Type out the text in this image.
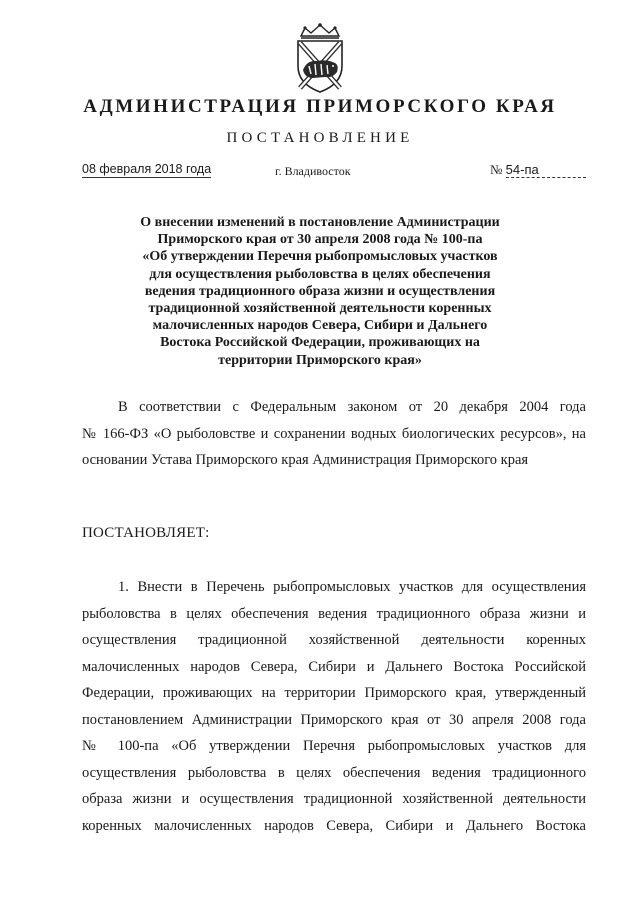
АДМИНИСТРАЦИЯ ПРИМОРСКОГО КРАЯ
ПОСТАНОВЛЕНИЕ
08 февраля 2018 года	г. Владивосток	№ 54-па
О внесении изменений в постановление Администрации
Приморского края от 30 апреля 2008 года № 100-па
«Об утверждении Перечня рыбопромысловых участков
для осуществления рыболовства в целях обеспечения
ведения традиционного образа жизни и осуществления
традиционной хозяйственной деятельности коренных
малочисленных народов Севера, Сибири и Дальнего
Востока Российской Федерации, проживающих на
территории Приморского края»
В соответствии с Федеральным законом от 20 декабря 2004 года
№ 166-ФЗ «О рыболовстве и сохранении водных биологических ресурсов», на
основании Устава Приморского края Администрация Приморского края
ПОСТАНОВЛЯЕТ:
1. Внести в Перечень рыбопромысловых участков для осуществления
рыболовства в целях обеспечения ведения традиционного образа жизни и
осуществления традиционной хозяйственной деятельности коренных
малочисленных народов Севера, Сибири и Дальнего Востока Российской
Федерации, проживающих на территории Приморского края, утвержденный
постановлением Администрации Приморского края от 30 апреля 2008 года
№ 100-па «Об утверждении Перечня рыбопромысловых участков для
осуществления рыболовства в целях обеспечения ведения традиционного
образа жизни и осуществления традиционной хозяйственной деятельности
коренных малочисленных народов Севера, Сибири и Дальнего Востока
